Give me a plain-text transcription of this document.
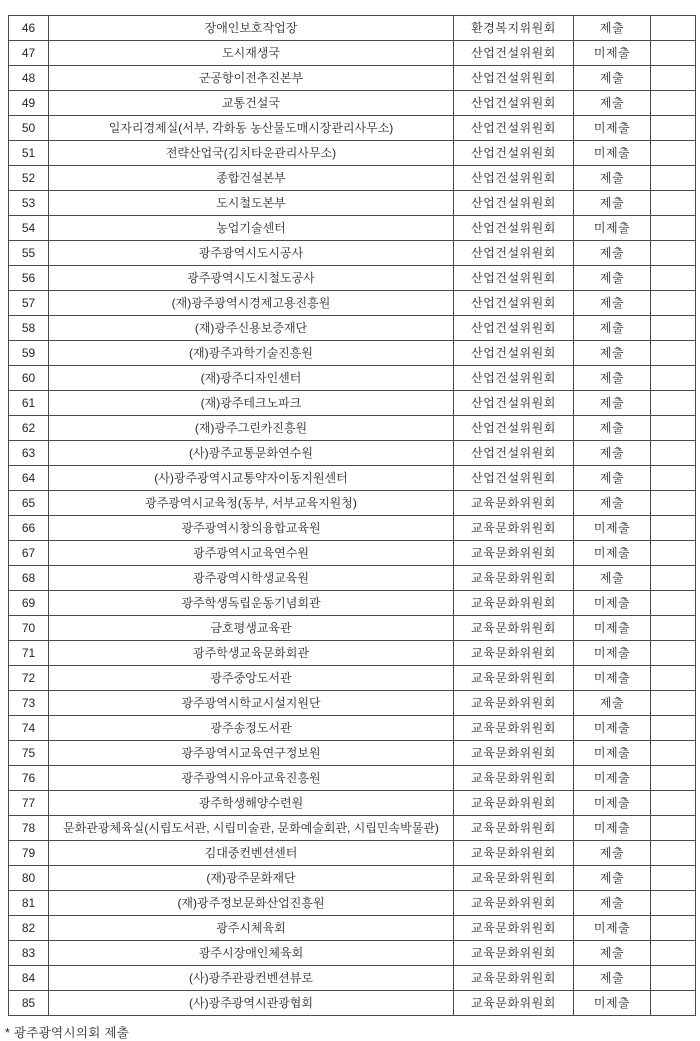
46	장애인보호작업장	환경복지위원회	제출	
47	도시재생국	산업건설위원회	미제출	
48	군공항이전추진본부	산업건설위원회	제출	
49	교통건설국	산업건설위원회	제출	
50	일자리경제실(서부, 각화동 농산물도매시장관리사무소)	산업건설위원회	미제출	
51	전략산업국(김치타운관리사무소)	산업건설위원회	미제출	
52	종합건설본부	산업건설위원회	제출	
53	도시철도본부	산업건설위원회	제출	
54	농업기술센터	산업건설위원회	미제출	
55	광주광역시도시공사	산업건설위원회	제출	
56	광주광역시도시철도공사	산업건설위원회	제출	
57	(재)광주광역시경제고용진흥원	산업건설위원회	제출	
58	(재)광주신용보증재단	산업건설위원회	제출	
59	(재)광주과학기술진흥원	산업건설위원회	제출	
60	(재)광주디자인센터	산업건설위원회	제출	
61	(재)광주테크노파크	산업건설위원회	제출	
62	(재)광주그린카진흥원	산업건설위원회	제출	
63	(사)광주교통문화연수원	산업건설위원회	제출	
64	(사)광주광역시교통약자이동지원센터	산업건설위원회	제출	
65	광주광역시교육청(동부, 서부교육지원청)	교육문화위원회	제출	
66	광주광역시창의융합교육원	교육문화위원회	미제출	
67	광주광역시교육연수원	교육문화위원회	미제출	
68	광주광역시학생교육원	교육문화위원회	제출	
69	광주학생독립운동기념회관	교육문화위원회	미제출	
70	금호평생교육관	교육문화위원회	미제출	
71	광주학생교육문화회관	교육문화위원회	미제출	
72	광주중앙도서관	교육문화위원회	미제출	
73	광주광역시학교시설지원단	교육문화위원회	제출	
74	광주송정도서관	교육문화위원회	미제출	
75	광주광역시교육연구정보원	교육문화위원회	미제출	
76	광주광역시유아교육진흥원	교육문화위원회	미제출	
77	광주학생해양수련원	교육문화위원회	미제출	
78	문화관광체육실(시립도서관, 시립미술관, 문화예술회관, 시립민속박물관)	교육문화위원회	미제출	
79	김대중컨벤션센터	교육문화위원회	제출	
80	(재)광주문화재단	교육문화위원회	제출	
81	(재)광주정보문화산업진흥원	교육문화위원회	제출	
82	광주시체육회	교육문화위원회	미제출	
83	광주시장애인체육회	교육문화위원회	제출	
84	(사)광주관광컨벤션뷰로	교육문화위원회	제출	
85	(사)광주광역시관광협회	교육문화위원회	미제출	
* 광주광역시의회 제출
